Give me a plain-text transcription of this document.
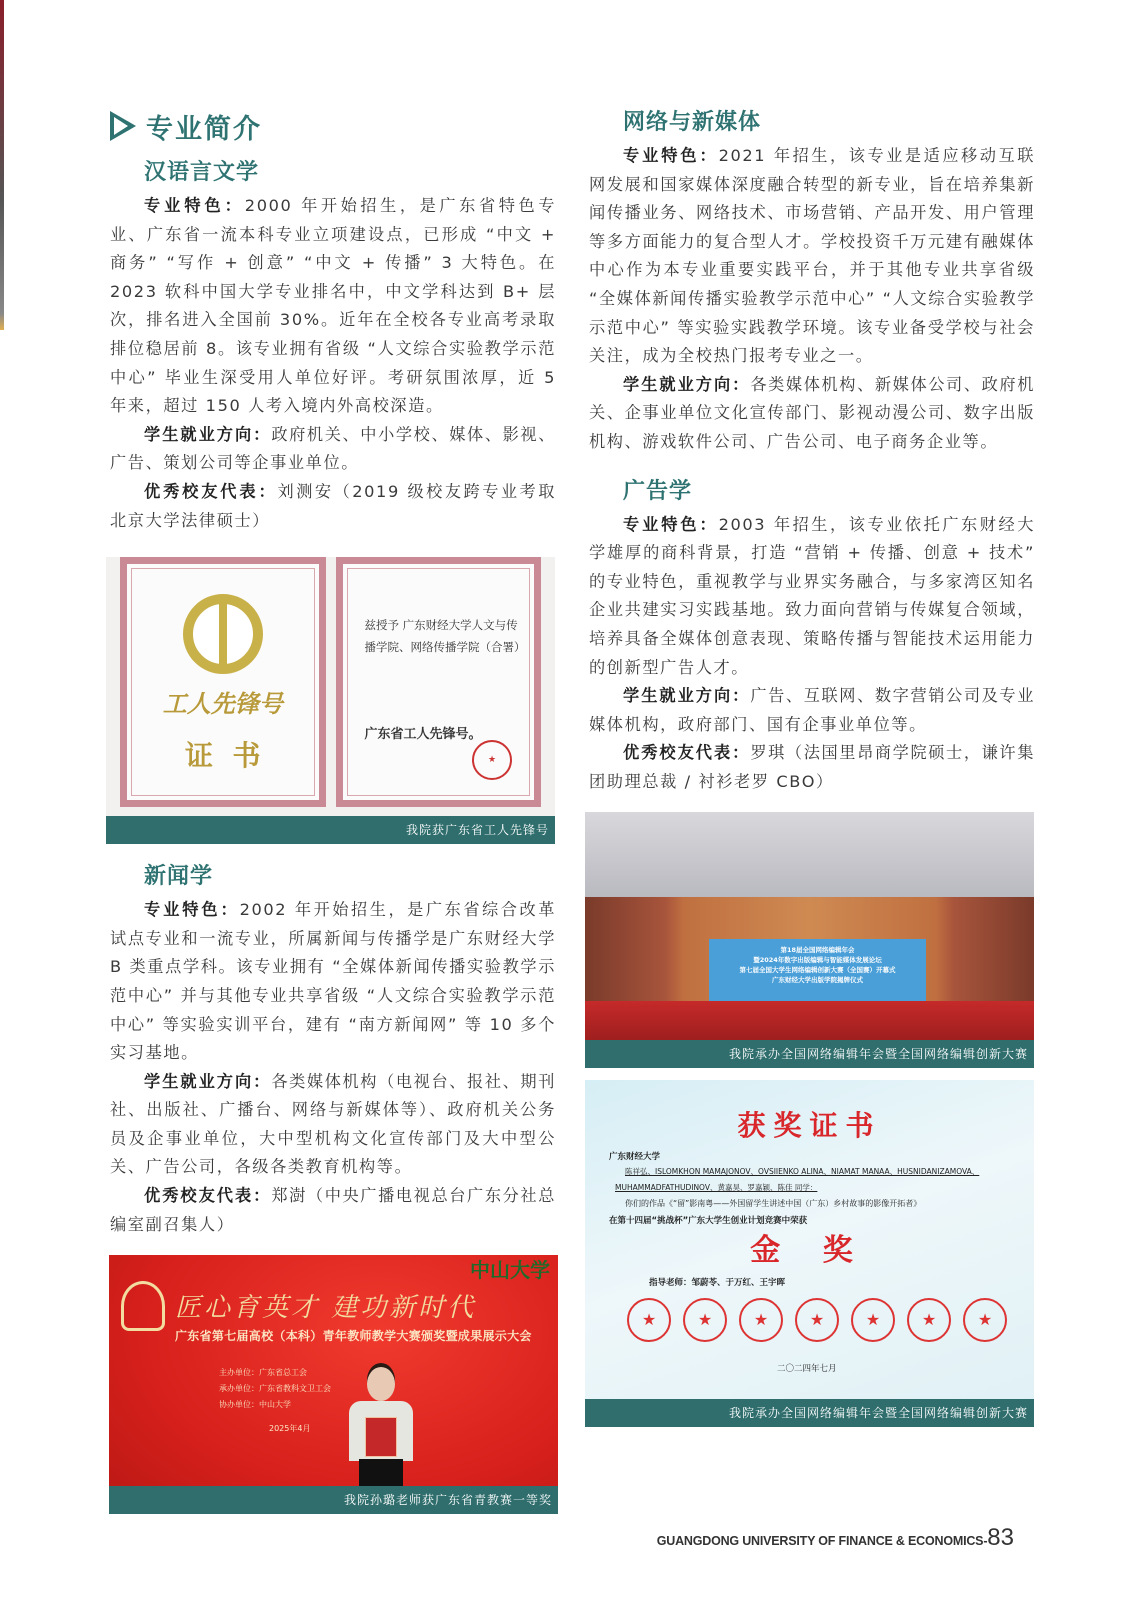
专业简介
汉语言文学

专业特色：2000 年开始招生，是广东省特色专业、广东省一流本科专业立项建设点，已形成 “中文 + 商务” “写作 + 创意” “中文 + 传播” 3 大特色。在 2023 软科中国大学专业排名中，中文学科达到 B+ 层次，排名进入全国前 30%。近年在全校各专业高考录取排位稳居前 8。该专业拥有省级 “人文综合实验教学示范中心” 毕业生深受用人单位好评。考研氛围浓厚，近 5 年来，超过 150 人考入境内外高校深造。

学生就业方向：政府机关、中小学校、媒体、影视、广告、策划公司等企事业单位。

优秀校友代表：刘测安（2019 级校友跨专业考取北京大学法律硕士）

工人先锋号
证  书
兹授予 广东财经大学人文与传播学院、网络传播学院（合署）
广东省工人先锋号。
★
我院获广东省工人先锋号
新闻学

专业特色：2002 年开始招生，是广东省综合改革试点专业和一流专业，所属新闻与传播学是广东财经大学 B 类重点学科。该专业拥有 “全媒体新闻传播实验教学示范中心” 并与其他专业共享省级 “人文综合实验教学示范中心” 等实验实训平台，建有 “南方新闻网” 等 10 多个实习基地。

学生就业方向：各类媒体机构（电视台、报社、期刊社、出版社、广播台、网络与新媒体等）、政府机关公务员及企事业单位，大中型机构文化宣传部门及大中型公关、广告公司，各级各类教育机构等。

优秀校友代表：郑澍（中央广播电视总台广东分社总编室副召集人）

中山大学
匠心育英才 建功新时代
广东省第七届高校（本科）青年教师教学大赛颁奖暨成果展示大会
主办单位：广东省总工会
承办单位：广东省教科文卫工会
协办单位：中山大学
2025年4月
我院孙璐老师获广东省青教赛一等奖
网络与新媒体

专业特色：2021 年招生，该专业是适应移动互联网发展和国家媒体深度融合转型的新专业，旨在培养集新闻传播业务、网络技术、市场营销、产品开发、用户管理等多方面能力的复合型人才。学校投资千万元建有融媒体中心作为本专业重要实践平台，并于其他专业共享省级 “全媒体新闻传播实验教学示范中心” “人文综合实验教学示范中心” 等实验实践教学环境。该专业备受学校与社会关注，成为全校热门报考专业之一。

学生就业方向：各类媒体机构、新媒体公司、政府机关、企事业单位文化宣传部门、影视动漫公司、数字出版机构、游戏软件公司、广告公司、电子商务企业等。

广告学

专业特色：2003 年招生，该专业依托广东财经大学雄厚的商科背景，打造 “营销 + 传播、创意 + 技术” 的专业特色，重视教学与业界实务融合，与多家湾区知名企业共建实习实践基地。致力面向营销与传媒复合领域，培养具备全媒体创意表现、策略传播与智能技术运用能力的创新型广告人才。

学生就业方向：广告、互联网、数字营销公司及专业媒体机构，政府部门、国有企事业单位等。

优秀校友代表：罗琪（法国里昂商学院硕士，谦许集团助理总裁 / 衬衫老罗 CBO）

第18届全国网络编辑年会
暨2024年数字出版编辑与智能媒体发展论坛
第七届全国大学生网络编辑创新大赛（全国赛）开幕式
广东财经大学出版学院揭牌仪式
我院承办全国网络编辑年会暨全国网络编辑创新大赛
获奖证书
广东财经大学
陈祥弘、ISLOMKHON MAMAJONOV、OVSIIENKO ALINA、NIAMAT MANAA、HUSNIDANIZAMOVA、
MUHAMMADFATHUDINOV、黄嘉昊、罗嘉颖、陈佳 同学：
你们的作品《“留”影南粤——外国留学生讲述中国（广东）乡村故事的影像开拓者》
在第十四届“挑战杯”广东大学生创业计划竞赛中荣获
金 奖
指导老师：邹蔚苓、于万红、王宇晖
★
★
★
★
★
★
★
二〇二四年七月
我院承办全国网络编辑年会暨全国网络编辑创新大赛
GUANGDONG UNIVERSITY OF FINANCE & ECONOMICS - 83
